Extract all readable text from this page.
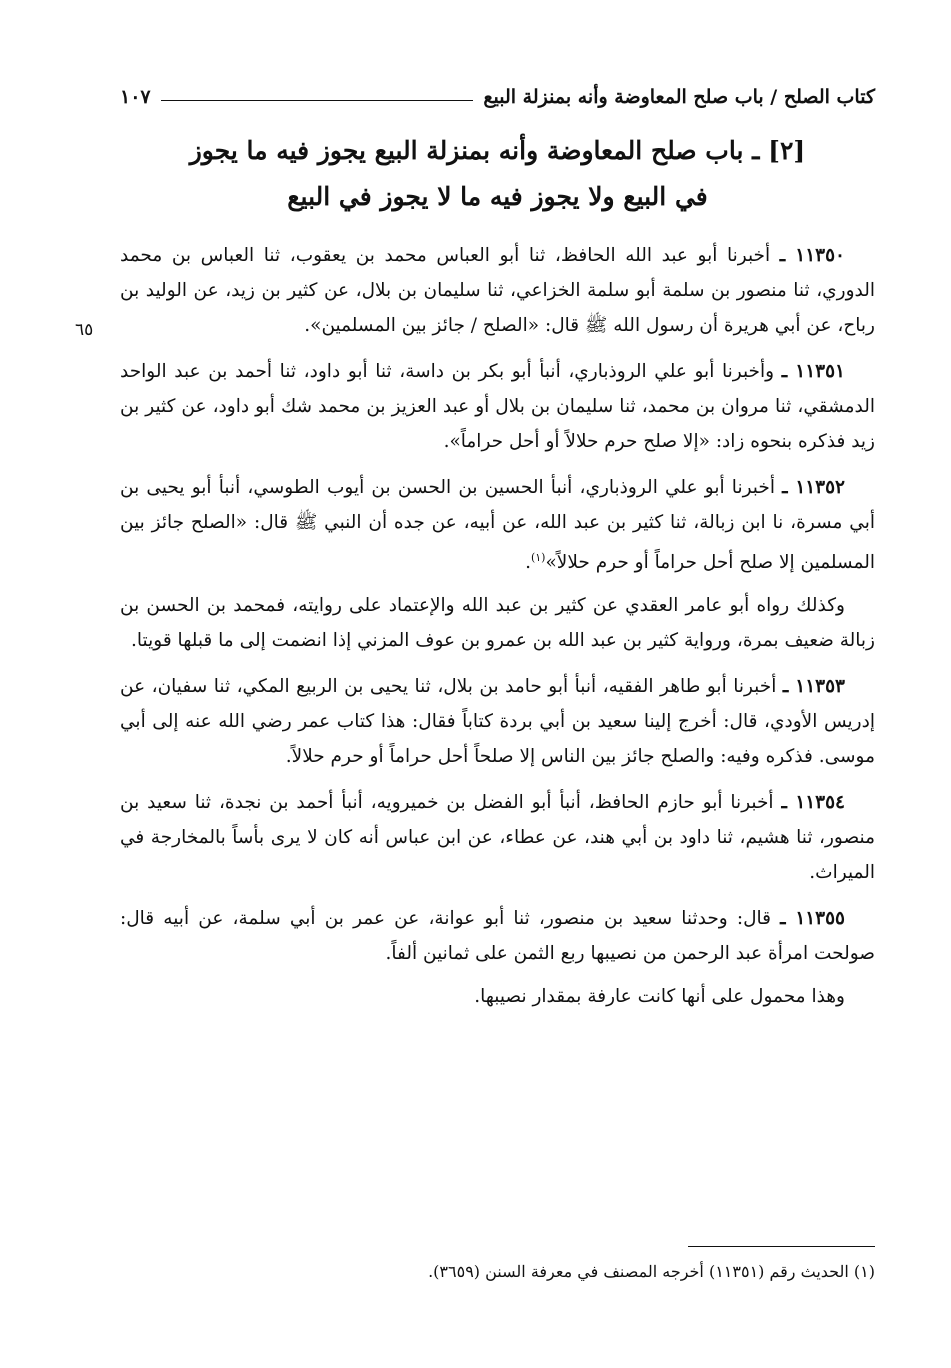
كتاب الصلح / باب صلح المعاوضة وأنه بمنزلة البيع
١٠٧
[٢] ـ باب صلح المعاوضة وأنه بمنزلة البيع يجوز فيه ما يجوز
في البيع ولا يجوز فيه ما لا يجوز في البيع
٦٥

١١٣٥٠ ـ أخبرنا أبو عبد الله الحافظ، ثنا أبو العباس محمد بن يعقوب، ثنا العباس بن محمد الدوري، ثنا منصور بن سلمة أبو سلمة الخزاعي، ثنا سليمان بن بلال، عن كثير بن زيد، عن الوليد بن رباح، عن أبي هريرة أن رسول الله ﷺ قال: «الصلح / جائز بين المسلمين».

١١٣٥١ ـ وأخبرنا أبو علي الروذباري، أنبأ أبو بكر بن داسة، ثنا أبو داود، ثنا أحمد بن عبد الواحد الدمشقي، ثنا مروان بن محمد، ثنا سليمان بن بلال أو عبد العزيز بن محمد شك أبو داود، عن كثير بن زيد فذكره بنحوه زاد: «إلا صلح حرم حلالاً أو أحل حراماً».

١١٣٥٢ ـ أخبرنا أبو علي الروذباري، أنبأ الحسين بن الحسن بن أيوب الطوسي، أنبأ أبو يحيى بن أبي مسرة، نا ابن زبالة، ثنا كثير بن عبد الله، عن أبيه، عن جده أن النبي ﷺ قال: «الصلح جائز بين المسلمين إلا صلح أحل حراماً أو حرم حلالاً»$^{(١)}$.

وكذلك رواه أبو عامر العقدي عن كثير بن عبد الله والإعتماد على روايته، فمحمد بن الحسن بن زبالة ضعيف بمرة، ورواية كثير بن عبد الله بن عمرو بن عوف المزني إذا انضمت إلى ما قبلها قويتا.

١١٣٥٣ ـ أخبرنا أبو طاهر الفقيه، أنبأ أبو حامد بن بلال، ثنا يحيى بن الربيع المكي، ثنا سفيان، عن إدريس الأودي، قال: أخرج إلينا سعيد بن أبي بردة كتاباً فقال: هذا كتاب عمر رضي الله عنه إلى أبي موسى. فذكره وفيه: والصلح جائز بين الناس إلا صلحاً أحل حراماً أو حرم حلالاً.

١١٣٥٤ ـ أخبرنا أبو حازم الحافظ، أنبأ أبو الفضل بن خميرويه، أنبأ أحمد بن نجدة، ثنا سعيد بن منصور، ثنا هشيم، ثنا داود بن أبي هند، عن عطاء، عن ابن عباس أنه كان لا يرى بأساً بالمخارجة في الميراث.

١١٣٥٥ ـ قال: وحدثنا سعيد بن منصور، ثنا أبو عوانة، عن عمر بن أبي سلمة، عن أبيه قال: صولحت امرأة عبد الرحمن من نصيبها ربع الثمن على ثمانين ألفاً.

وهذا محمول على أنها كانت عارفة بمقدار نصيبها.

(١) الحديث رقم (١١٣٥١) أخرجه المصنف في معرفة السنن (٣٦٥٩).
